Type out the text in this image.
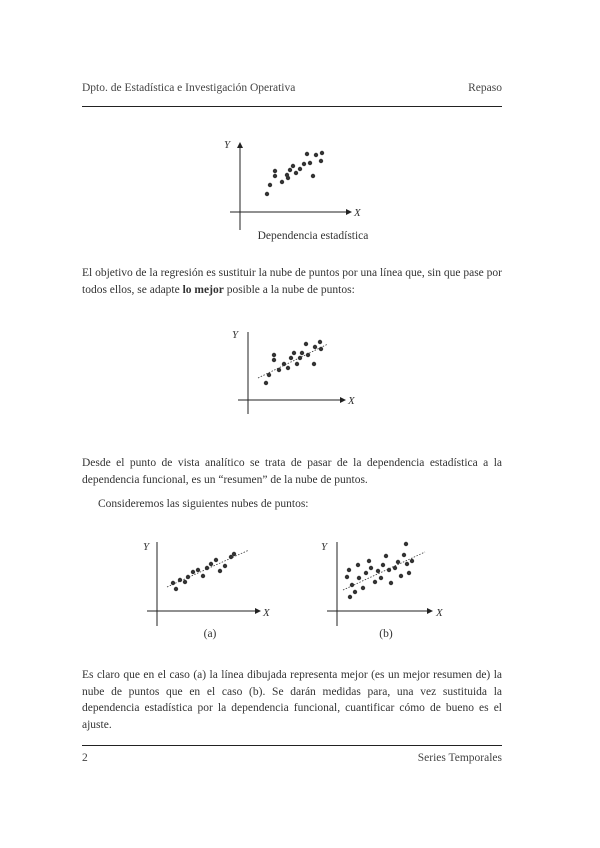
Dpto. de Estadística e Investigación Operativa	Repaso
Y
X
Dependencia estadística
El objetivo de la regresión es sustituir la nube de puntos por una línea que, sin que pase por todos ellos, se adapte lo mejor posible a la nube de puntos:
Y
X
Desde el punto de vista analítico se trata de pasar de la dependencia estadística a la dependencia funcional, es un “resumen” de la nube de puntos.
Consideremos las siguientes nubes de puntos:
Y
X
(a)
Y
X
(b)
Es claro que en el caso (a) la línea dibujada representa mejor (es un mejor resumen de) la nube de puntos que en el caso (b). Se darán medidas para, una vez sustituida la dependencia estadística por la dependencia funcional, cuantificar cómo de bueno es el ajuste.
2	Series Temporales
